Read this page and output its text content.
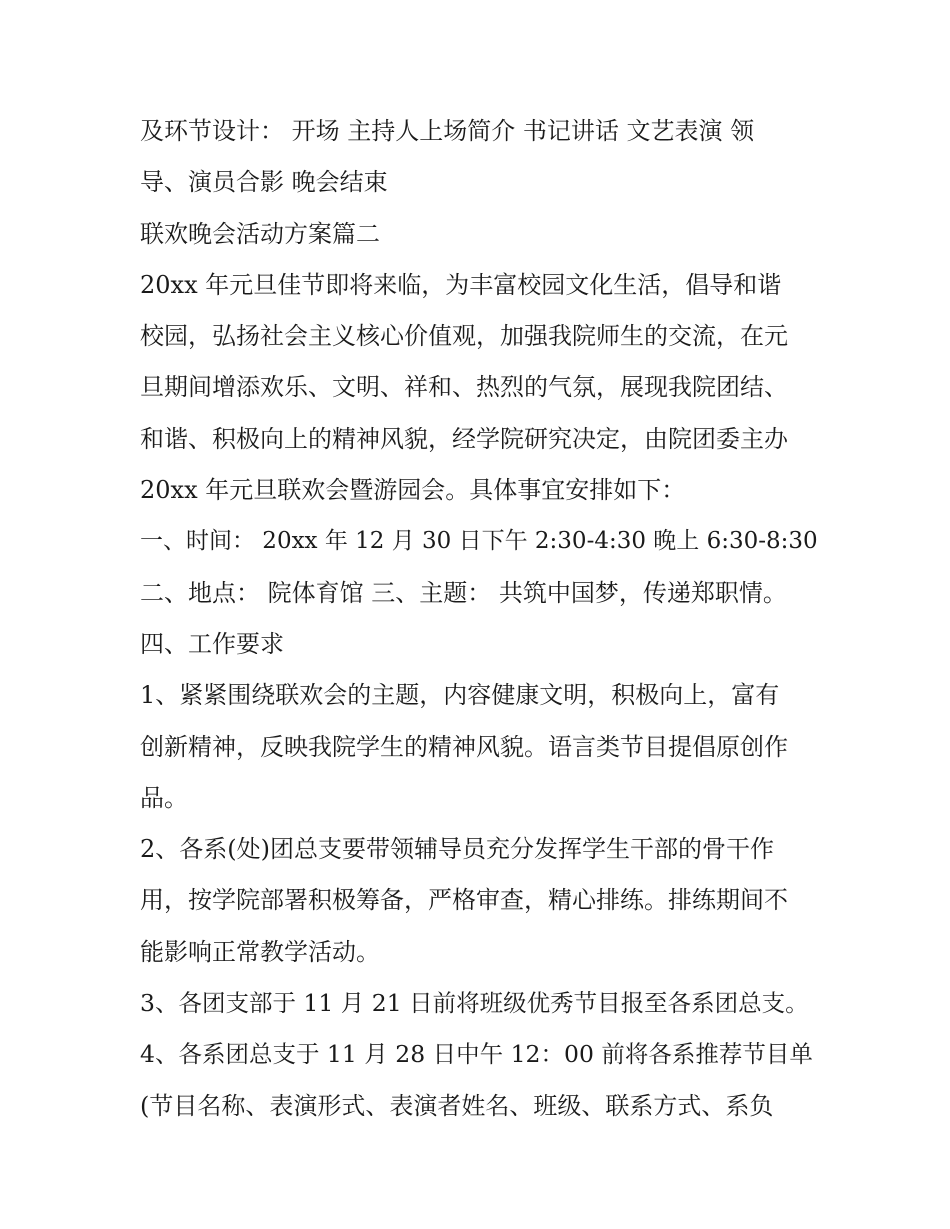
及环节设计： 开场 主持人上场简介 书记讲话 文艺表演 领
导、演员合影 晚会结束
联欢晚会活动方案篇二
20xx 年元旦佳节即将来临，为丰富校园文化生活，倡导和谐
校园，弘扬社会主义核心价值观，加强我院师生的交流，在元
旦期间增添欢乐、文明、祥和、热烈的气氛，展现我院团结、
和谐、积极向上的精神风貌，经学院研究决定，由院团委主办
20xx 年元旦联欢会暨游园会。具体事宜安排如下：
一、时间： 20xx 年 12 月 30 日下午 2:30-4:30 晚上 6:30-8:30
二、地点： 院体育馆 三、主题： 共筑中国梦，传递郑职情。
四、工作要求
1、紧紧围绕联欢会的主题，内容健康文明，积极向上，富有
创新精神，反映我院学生的精神风貌。语言类节目提倡原创作
品。
2、各系(处)团总支要带领辅导员充分发挥学生干部的骨干作
用，按学院部署积极筹备，严格审查，精心排练。排练期间不
能影响正常教学活动。
3、各团支部于 11 月 21 日前将班级优秀节目报至各系团总支。
4、各系团总支于 11 月 28 日中午 12：00 前将各系推荐节目单
(节目名称、表演形式、表演者姓名、班级、联系方式、系负
